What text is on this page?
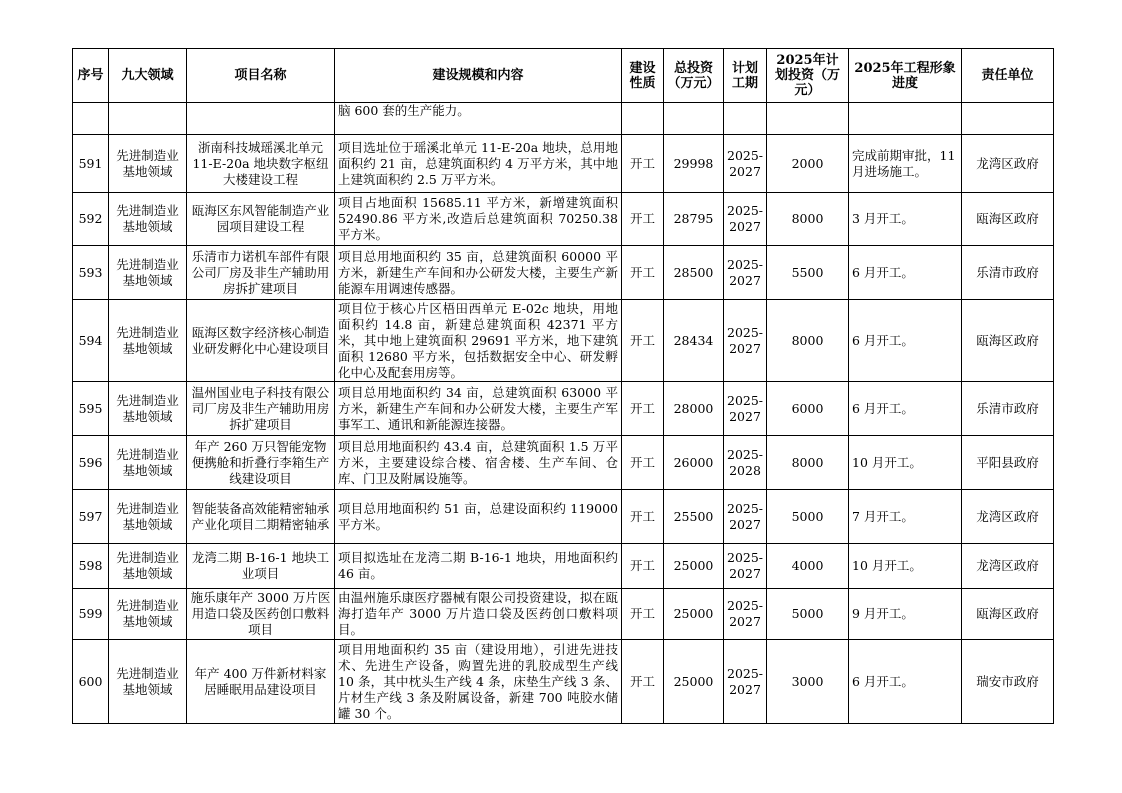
序号	九大领域	项目名称	建设规模和内容	建设性质	总投资（万元）	计划工期	2025年计划投资（万元）	2025年工程形象进度	责任单位
			脑 600 套的生产能力。						
591	先进制造业基地领域	浙南科技城瑶溪北单元11-E-20a 地块数字枢纽大楼建设工程	项目选址位于瑶溪北单元 11-E-20a 地块，总用地面积约 21 亩，总建筑面积约 4 万平方米，其中地上建筑面积约 2.5 万平方米。	开工	29998	2025-2027	2000	完成前期审批，11 月进场施工。	龙湾区政府
592	先进制造业基地领域	瓯海区东风智能制造产业园项目建设工程	项目占地面积 15685.11 平方米，新增建筑面积 52490.86 平方米,改造后总建筑面积 70250.38 平方米。	开工	28795	2025-2027	8000	3 月开工。	瓯海区政府
593	先进制造业基地领域	乐清市力诺机车部件有限公司厂房及非生产辅助用房拆扩建项目	项目总用地面积约 35 亩，总建筑面积 60000 平方米，新建生产车间和办公研发大楼，主要生产新能源车用调速传感器。	开工	28500	2025-2027	5500	6 月开工。	乐清市政府
594	先进制造业基地领域	瓯海区数字经济核心制造业研发孵化中心建设项目	项目位于核心片区梧田西单元 E-02c 地块，用地面积约 14.8 亩，新建总建筑面积 42371 平方米，其中地上建筑面积 29691 平方米，地下建筑面积 12680 平方米，包括数据安全中心、研发孵化中心及配套用房等。	开工	28434	2025-2027	8000	6 月开工。	瓯海区政府
595	先进制造业基地领域	温州国业电子科技有限公司厂房及非生产辅助用房拆扩建项目	项目总用地面积约 34 亩，总建筑面积 63000 平方米，新建生产车间和办公研发大楼，主要生产军事军工、通讯和新能源连接器。	开工	28000	2025-2027	6000	6 月开工。	乐清市政府
596	先进制造业基地领域	年产 260 万只智能宠物便携舱和折叠行李箱生产线建设项目	项目总用地面积约 43.4 亩，总建筑面积 1.5 万平方米，主要建设综合楼、宿舍楼、生产车间、仓库、门卫及附属设施等。	开工	26000	2025-2028	8000	10 月开工。	平阳县政府
597	先进制造业基地领域	智能装备高效能精密轴承产业化项目二期精密轴承	项目总用地面积约 51 亩，总建设面积约 119000 平方米。	开工	25500	2025-2027	5000	7 月开工。	龙湾区政府
598	先进制造业基地领域	龙湾二期 B-16-1 地块工业项目	项目拟选址在龙湾二期 B-16-1 地块，用地面积约 46 亩。	开工	25000	2025-2027	4000	10 月开工。	龙湾区政府
599	先进制造业基地领域	施乐康年产 3000 万片医用造口袋及医药创口敷料项目	由温州施乐康医疗器械有限公司投资建设，拟在瓯海打造年产 3000 万片造口袋及医药创口敷料项目。	开工	25000	2025-2027	5000	9 月开工。	瓯海区政府
600	先进制造业基地领域	年产 400 万件新材料家居睡眠用品建设项目	项目用地面积约 35 亩（建设用地），引进先进技术、先进生产设备，购置先进的乳胶成型生产线 10 条，其中枕头生产线 4 条，床垫生产线 3 条、片材生产线 3 条及附属设备，新建 700 吨胶水储罐 30 个。	开工	25000	2025-2027	3000	6 月开工。	瑞安市政府
